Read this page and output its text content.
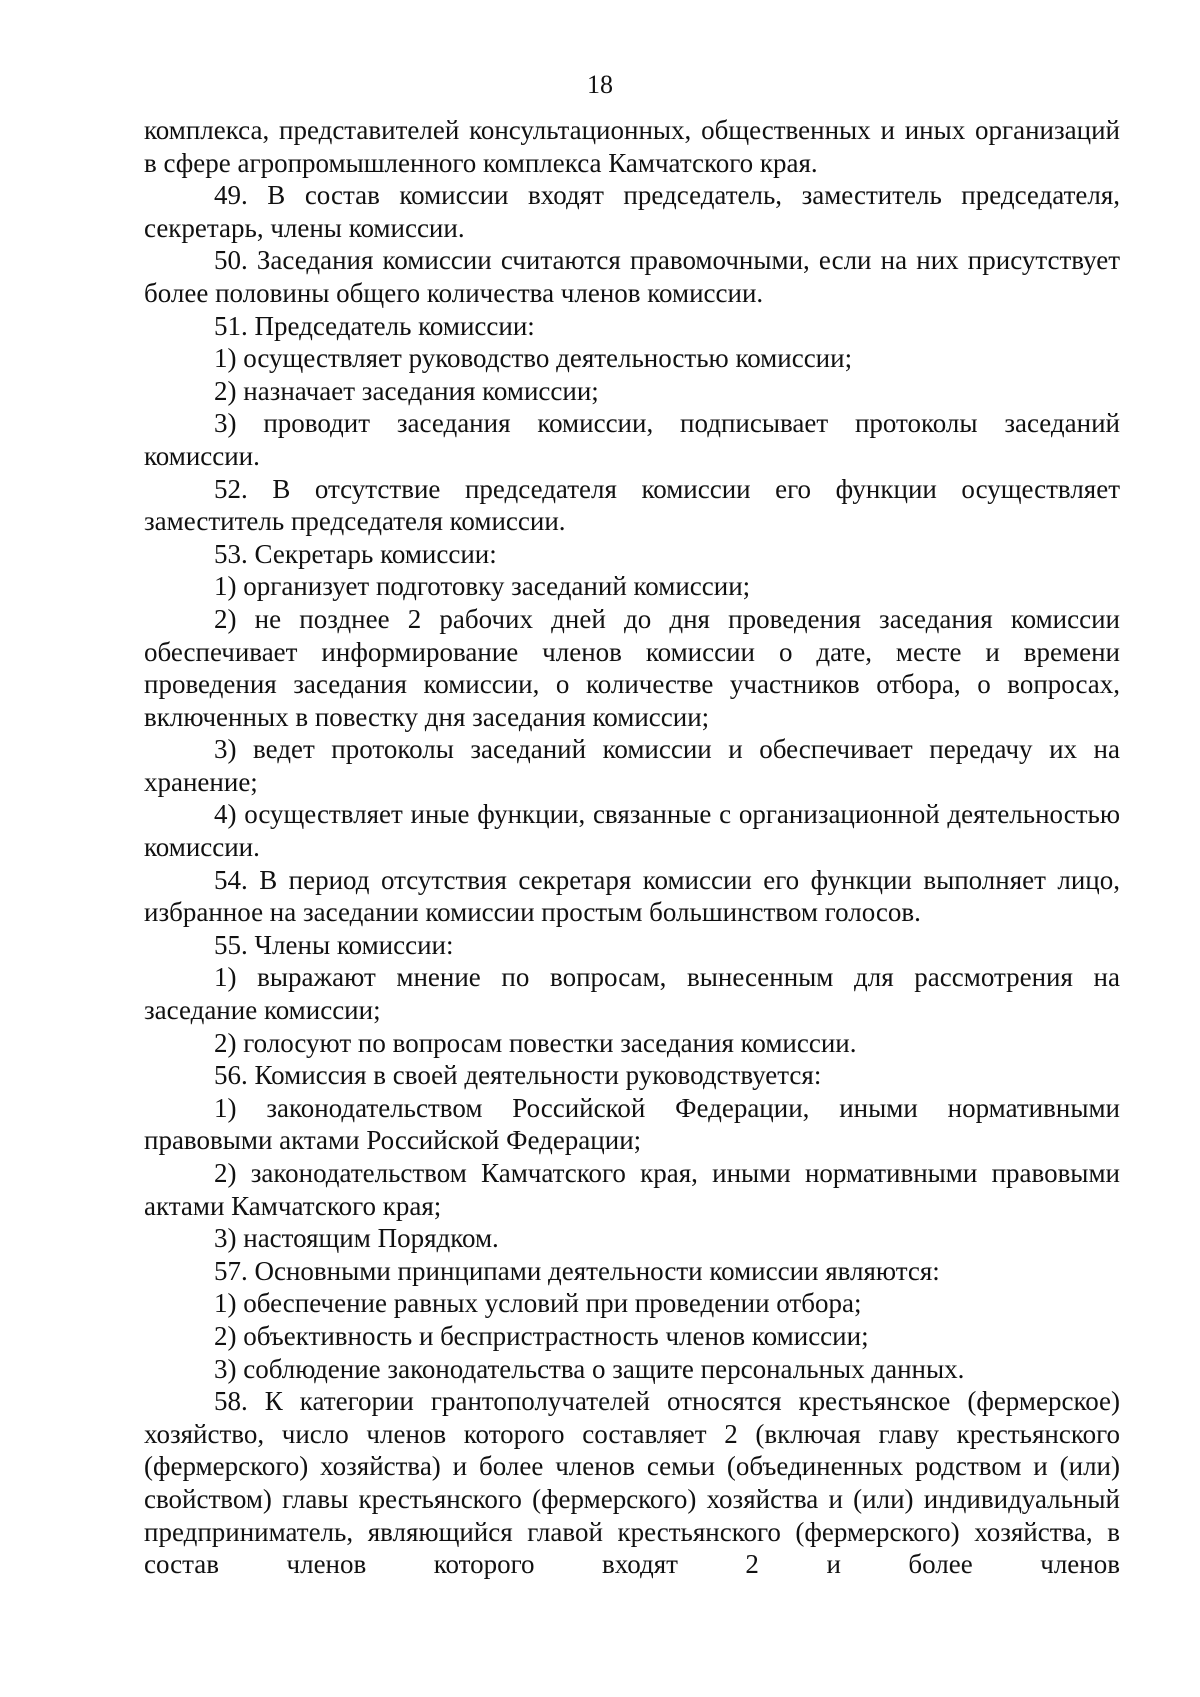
18

комплекса, представителей консультационных, общественных и иных организаций в сфере агропромышленного комплекса Камчатского края.

49. В состав комиссии входят председатель, заместитель председателя, секретарь, члены комиссии.

50. Заседания комиссии считаются правомочными, если на них присутствует более половины общего количества членов комиссии.

51. Председатель комиссии:

1) осуществляет руководство деятельностью комиссии;

2) назначает заседания комиссии;

3) проводит заседания комиссии, подписывает протоколы заседаний комиссии.

52. В отсутствие председателя комиссии его функции осуществляет заместитель председателя комиссии.

53. Секретарь комиссии:

1) организует подготовку заседаний комиссии;

2) не позднее 2 рабочих дней до дня проведения заседания комиссии обеспечивает информирование членов комиссии о дате, месте и времени проведения заседания комиссии, о количестве участников отбора, о вопросах, включенных в повестку дня заседания комиссии;

3) ведет протоколы заседаний комиссии и обеспечивает передачу их на хранение;

4) осуществляет иные функции, связанные с организационной деятельностью комиссии.

54. В период отсутствия секретаря комиссии его функции выполняет лицо, избранное на заседании комиссии простым большинством голосов.

55. Члены комиссии:

1) выражают мнение по вопросам, вынесенным для рассмотрения на заседание комиссии;

2) голосуют по вопросам повестки заседания комиссии.

56. Комиссия в своей деятельности руководствуется:

1) законодательством Российской Федерации, иными нормативными правовыми актами Российской Федерации;

2) законодательством Камчатского края, иными нормативными правовыми актами Камчатского края;

3) настоящим Порядком.

57. Основными принципами деятельности комиссии являются:

1) обеспечение равных условий при проведении отбора;

2) объективность и беспристрастность членов комиссии;

3) соблюдение законодательства о защите персональных данных.

58. К категории грантополучателей относятся крестьянское (фермерское) хозяйство, число членов которого составляет 2 (включая главу крестьянского (фермерского) хозяйства) и более членов семьи (объединенных родством и (или) свойством) главы крестьянского (фермерского) хозяйства и (или) индивидуальный предприниматель, являющийся главой крестьянского (фермерского) хозяйства, в состав членов которого входят 2 и более членов
